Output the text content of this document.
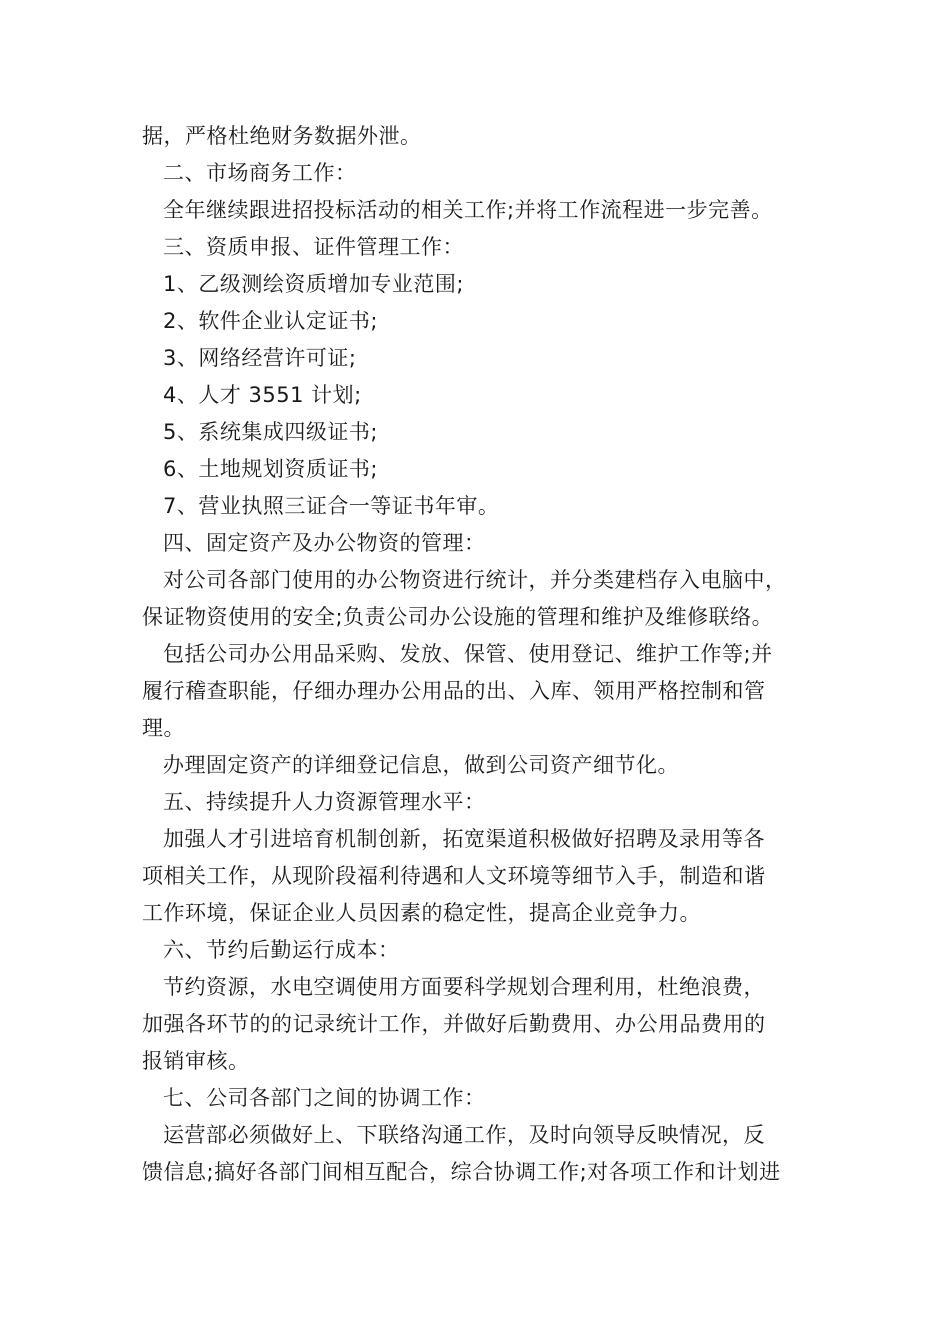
据，严格杜绝财务数据外泄。
二、市场商务工作：
全年继续跟进招投标活动的相关工作;并将工作流程进一步完善。
三、资质申报、证件管理工作：
1、乙级测绘资质增加专业范围;
2、软件企业认定证书;
3、网络经营许可证;
4、人才 3551 计划;
5、系统集成四级证书;
6、土地规划资质证书;
7、营业执照三证合一等证书年审。
四、固定资产及办公物资的管理：
对公司各部门使用的办公物资进行统计，并分类建档存入电脑中，
保证物资使用的安全;负责公司办公设施的管理和维护及维修联络。
包括公司办公用品采购、发放、保管、使用登记、维护工作等;并
履行稽查职能，仔细办理办公用品的出、入库、领用严格控制和管
理。
办理固定资产的详细登记信息，做到公司资产细节化。
五、持续提升人力资源管理水平：
加强人才引进培育机制创新，拓宽渠道积极做好招聘及录用等各
项相关工作，从现阶段福利待遇和人文环境等细节入手，制造和谐
工作环境，保证企业人员因素的稳定性，提高企业竞争力。
六、节约后勤运行成本：
节约资源，水电空调使用方面要科学规划合理利用，杜绝浪费，
加强各环节的的记录统计工作，并做好后勤费用、办公用品费用的
报销审核。
七、公司各部门之间的协调工作：
运营部必须做好上、下联络沟通工作，及时向领导反映情况，反
馈信息;搞好各部门间相互配合，综合协调工作;对各项工作和计划进
